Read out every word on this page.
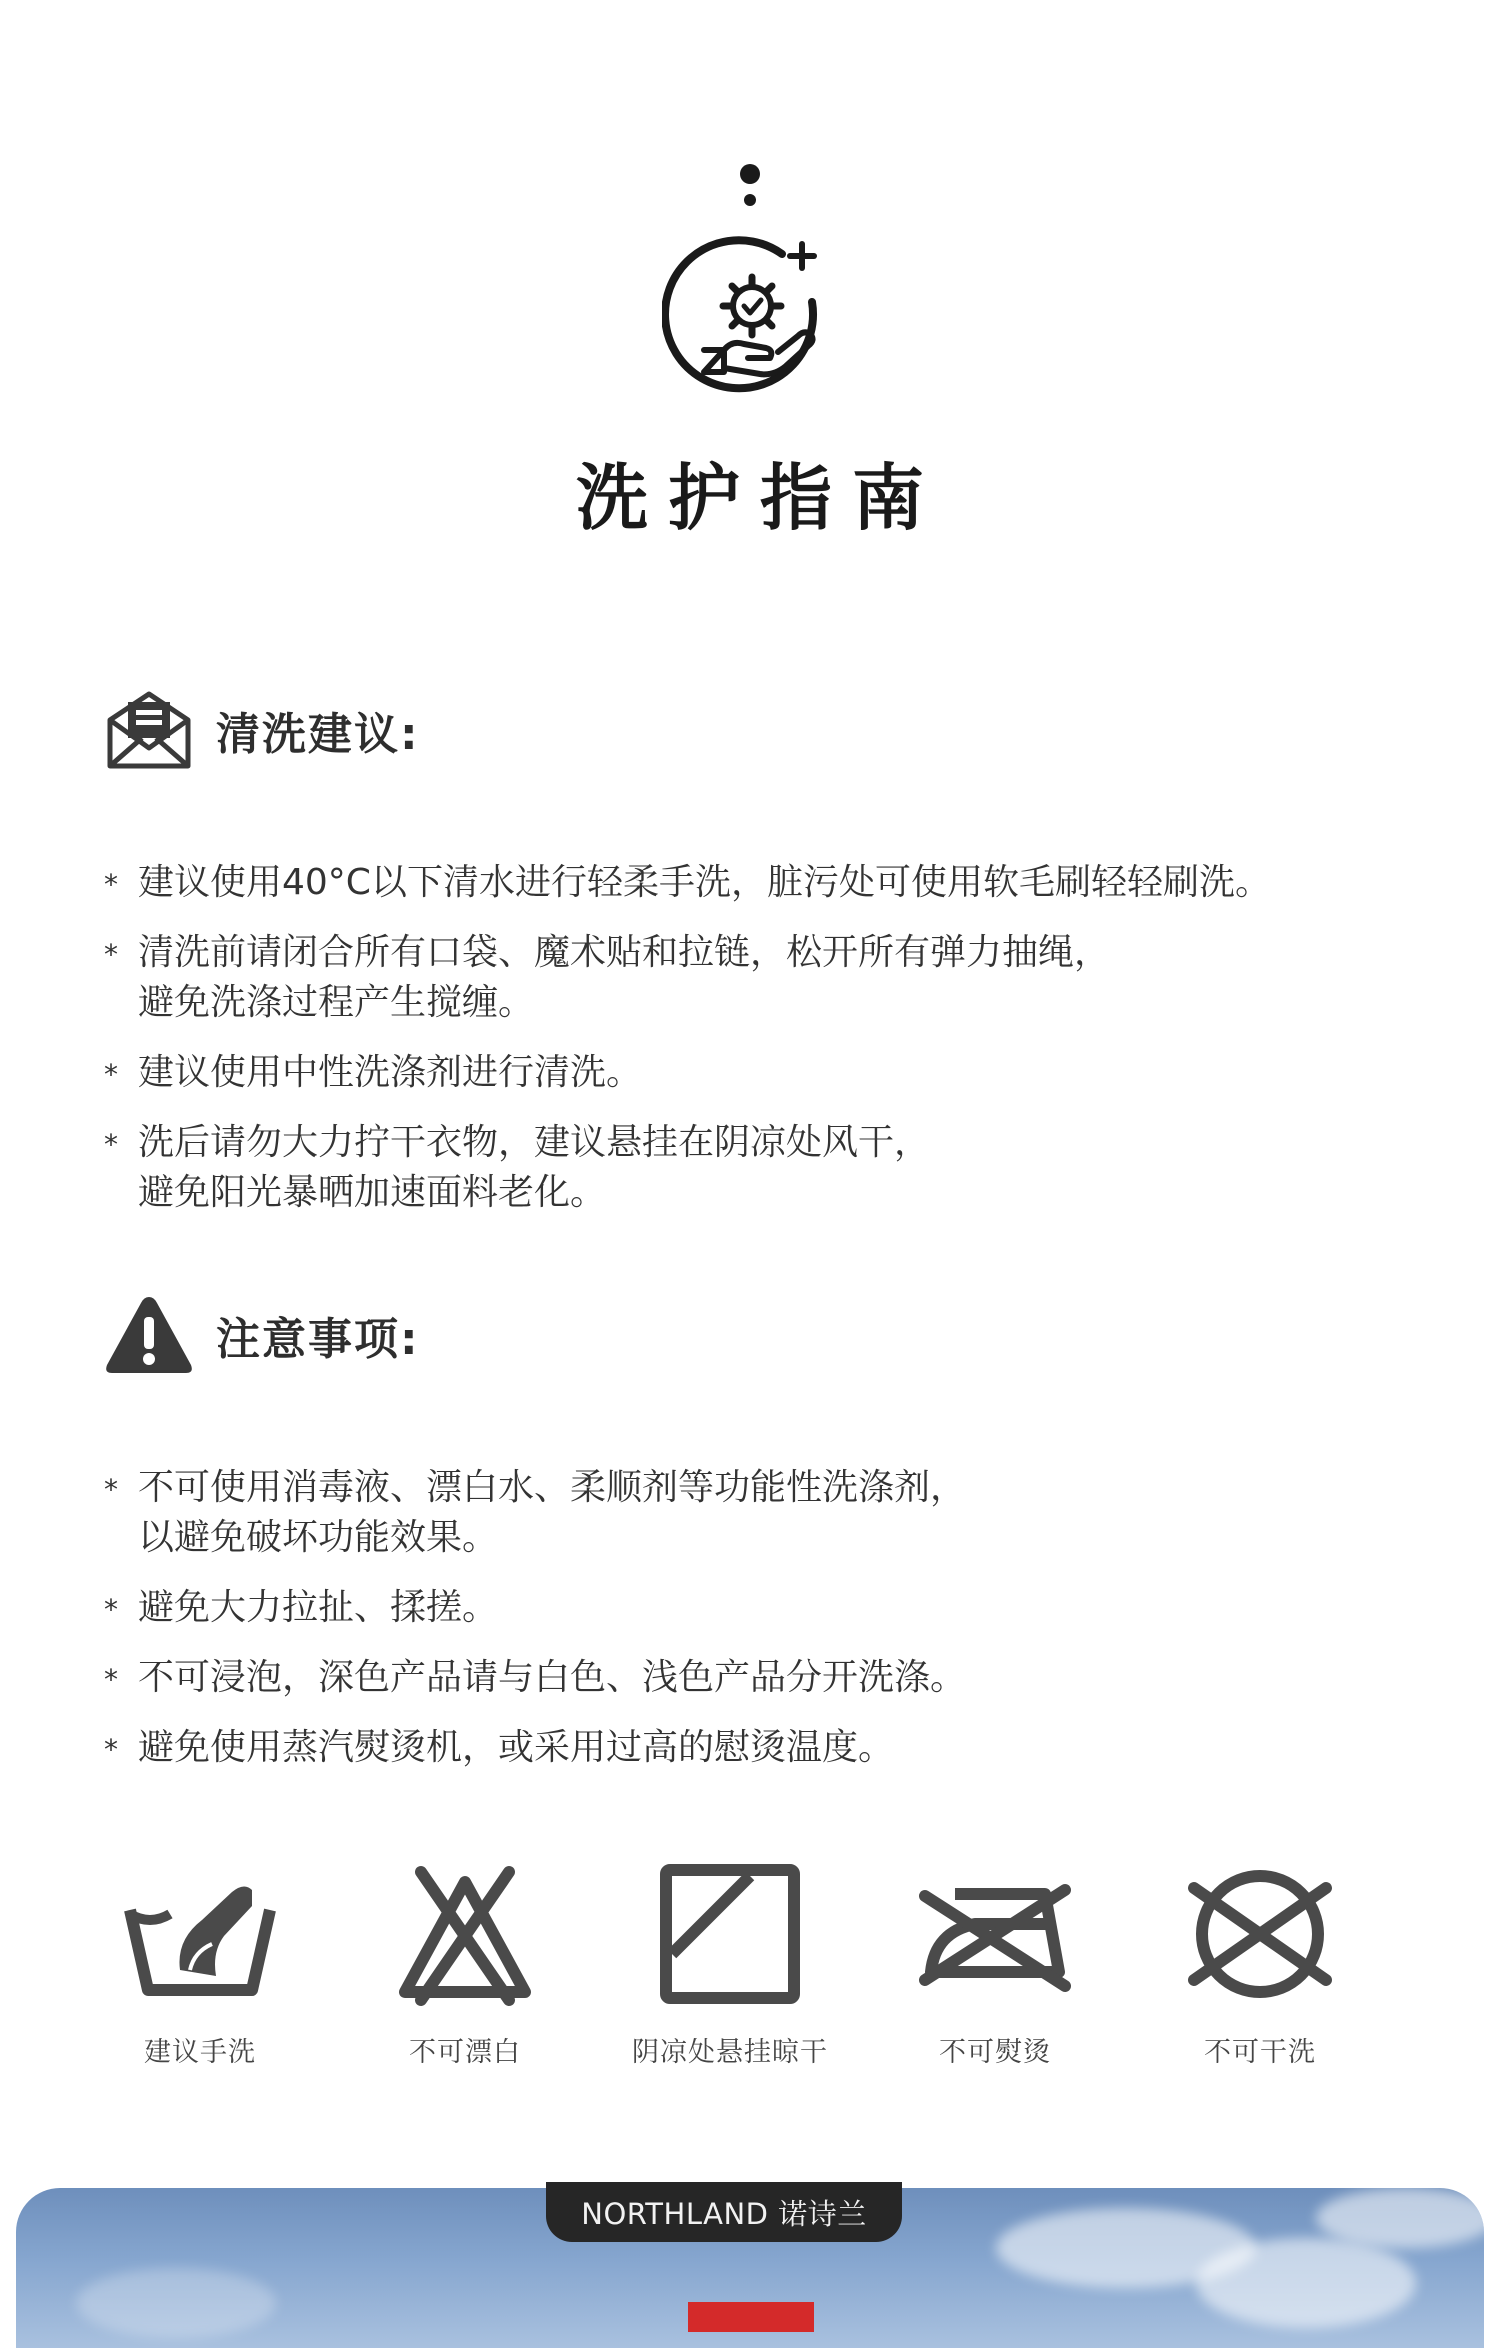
洗护指南
清洗建议:
* 建议使用40°C以下清水进行轻柔手洗，脏污处可使用软毛刷轻轻刷洗。
* 清洗前请闭合所有口袋、魔术贴和拉链，松开所有弹力抽绳，
避免洗涤过程产生搅缠。
* 建议使用中性洗涤剂进行清洗。
* 洗后请勿大力拧干衣物，建议悬挂在阴凉处风干，
避免阳光暴晒加速面料老化。
注意事项:
* 不可使用消毒液、漂白水、柔顺剂等功能性洗涤剂，
以避免破坏功能效果。
* 避免大力拉扯、揉搓。
* 不可浸泡，深色产品请与白色、浅色产品分开洗涤。
* 避免使用蒸汽熨烫机，或采用过高的慰烫温度。
建议手洗	不可漂白	阴凉处悬挂晾干	不可熨烫	不可干洗
NORTHLAND 诺诗兰
